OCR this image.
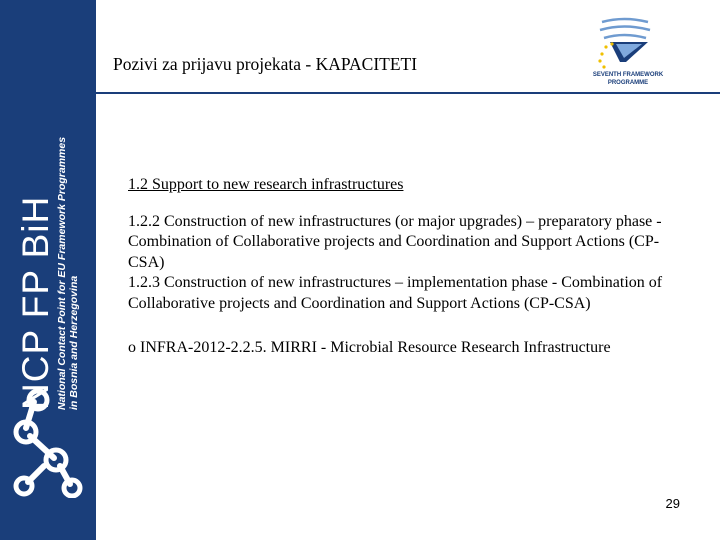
NCP FP BiH National Contact Point for EU Framework Programmes in Bosnia and Herzegovina
Pozivi za prijavu projekata - KAPACITETI
SEVENTH FRAMEWORK
PROGRAMME

1.2 Support to new research infrastructures

1.2.2 Construction of new infrastructures (or major upgrades) – preparatory phase - Combination of Collaborative projects and Coordination and Support Actions (CP-CSA)

1.2.3 Construction of new infrastructures – implementation phase - Combination of Collaborative projects and Coordination and Support Actions (CP-CSA)

o INFRA-2012-2.2.5. MIRRI - Microbial Resource Research Infrastructure

29
